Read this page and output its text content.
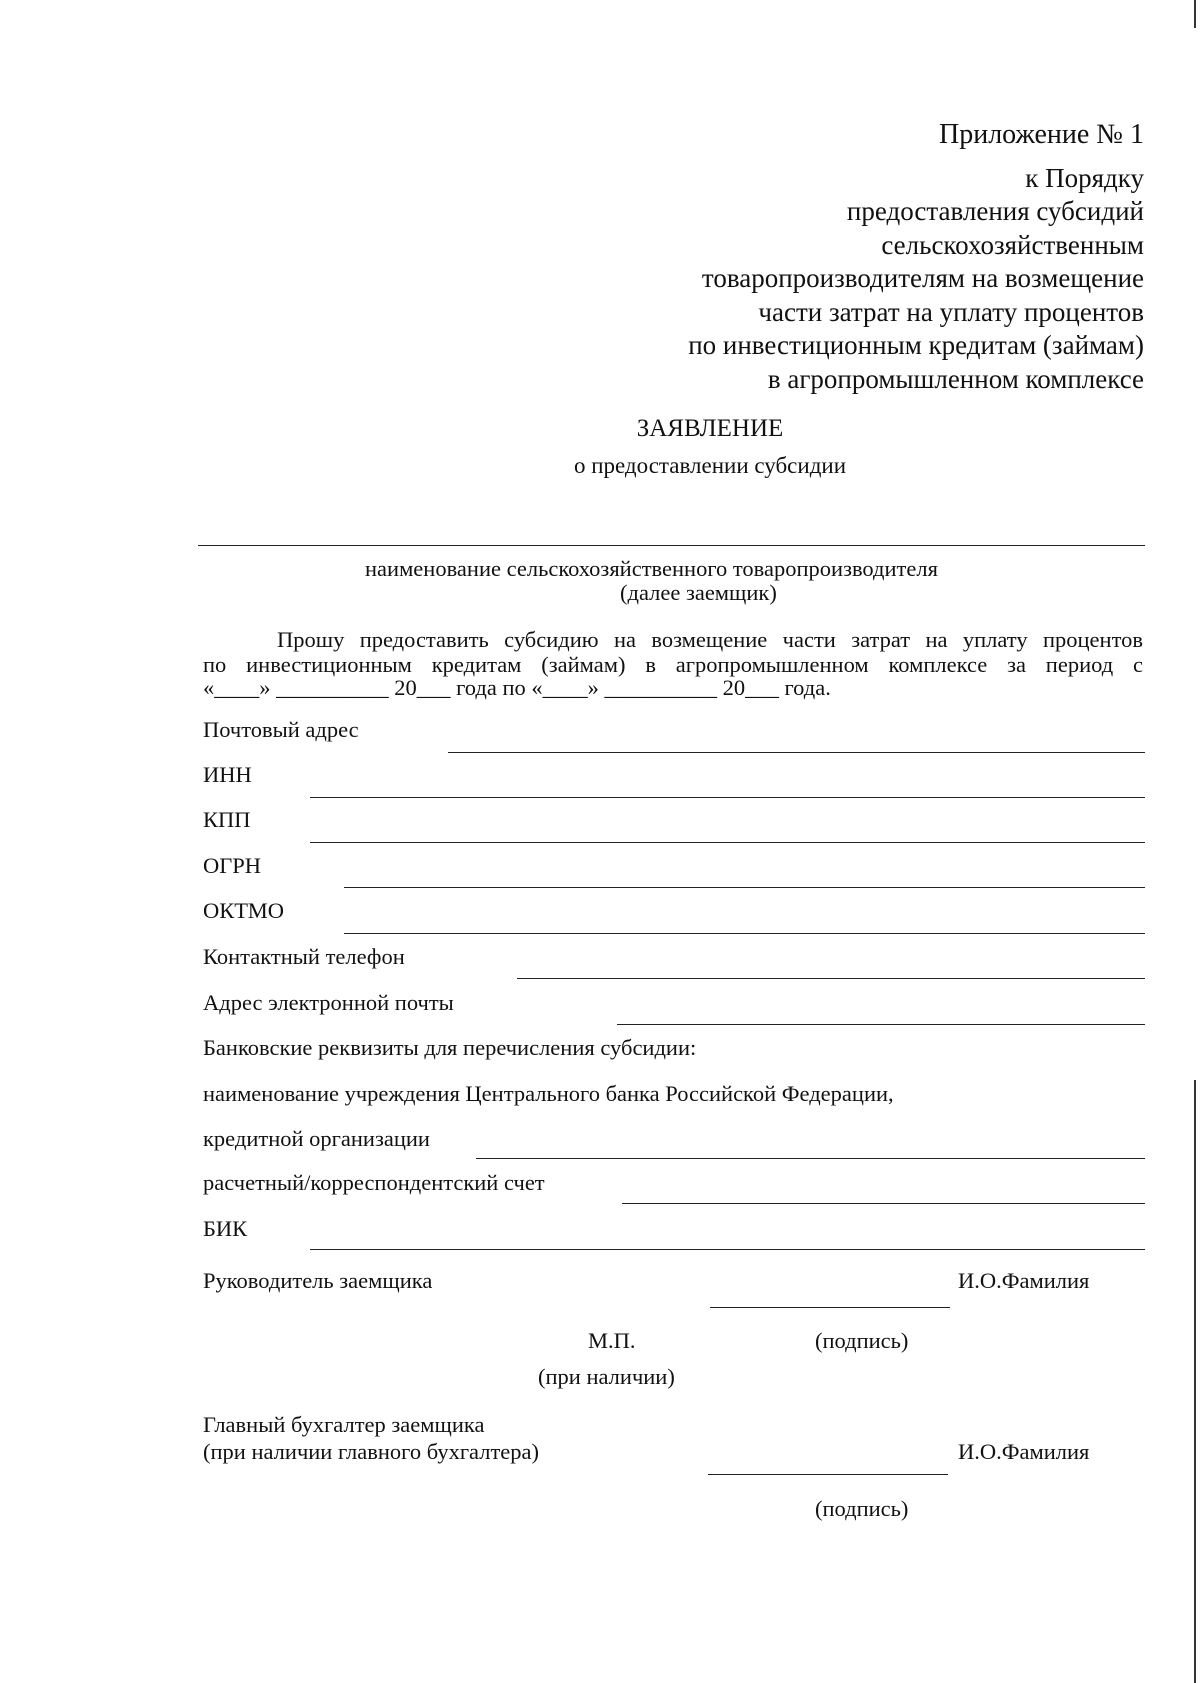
Приложение № 1
к Порядку
предоставления субсидий
сельскохозяйственным
товаропроизводителям на возмещение
части затрат на уплату процентов
по инвестиционным кредитам (займам)
в агропромышленном комплексе
ЗАЯВЛЕНИЕ
о предоставлении субсидии
наименование сельскохозяйственного товаропроизводителя
(далее заемщик)
Прошу предоставить субсидию на возмещение части затрат на уплату процентов
по инвестиционным кредитам (займам) в агропромышленном комплексе за период с
«____» __________ 20___ года по «____» __________ 20___ года.
Почтовый адрес
ИНН
КПП
ОГРН
ОКТМО
Контактный телефон
Адрес электронной почты
Банковские реквизиты для перечисления субсидии:
наименование учреждения Центрального банка Российской Федерации,
кредитной организации
расчетный/корреспондентский счет
БИК
Руководитель заемщика	И.О.Фамилия
М.П.	(подпись)
(при наличии)
Главный бухгалтер заемщика
(при наличии главного бухгалтера)	И.О.Фамилия
(подпись)
